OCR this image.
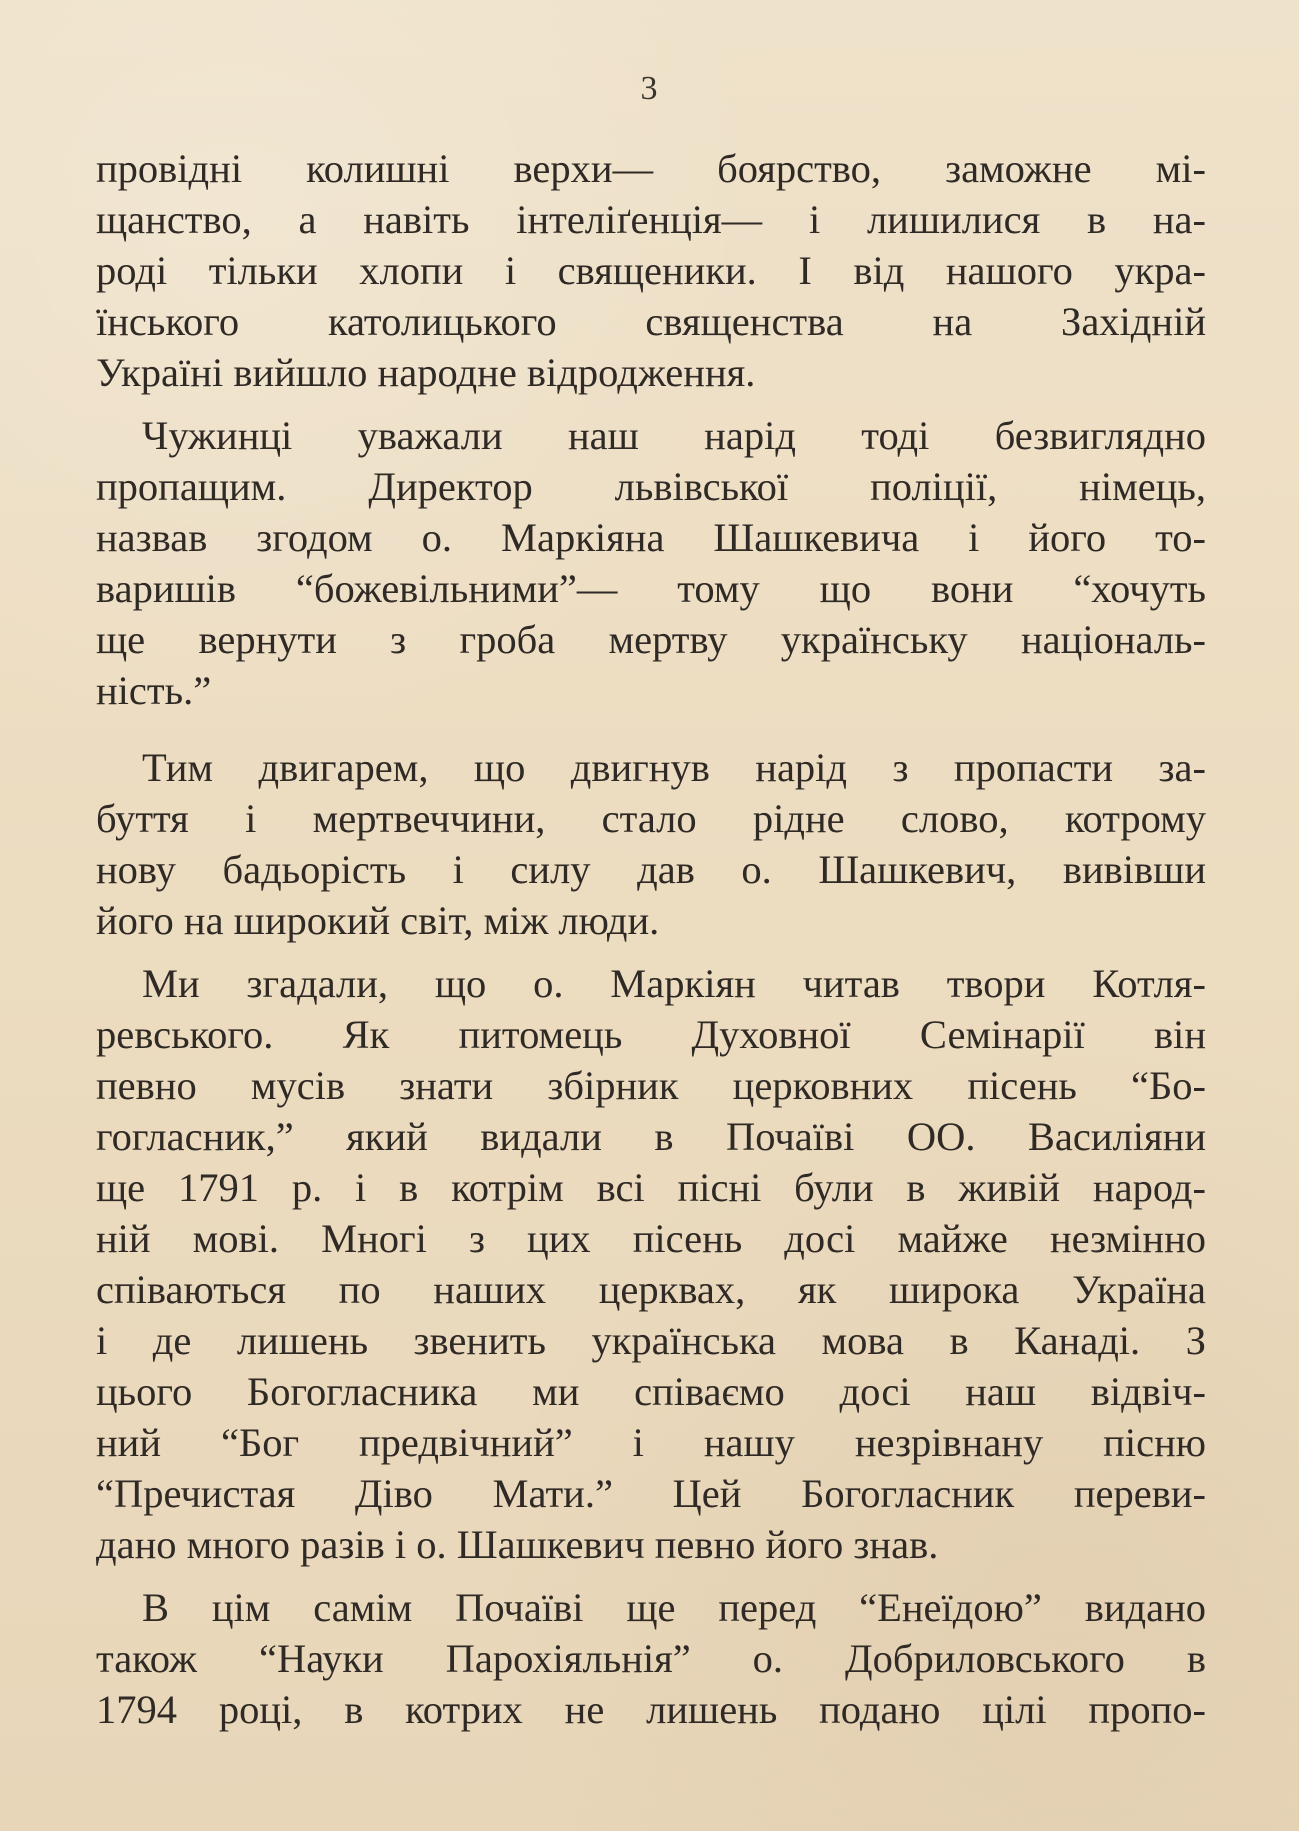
3
провідні колишні верхи— боярство, заможне мі-
щанство, а навіть інтеліґенція— і лишилися в на-
роді тільки хлопи і священики. І від нашого укра-
їнського католицького священства на Західній
Україні вийшло народне відродження.
Чужинці уважали наш нарід тоді безвиглядно
пропащим. Директор львівської поліції, німець,
назвав згодом о. Маркіяна Шашкевича і його то-
варишів “божевільними”— тому що вони “хочуть
ще вернути з гроба мертву українську національ-
ність.”
Тим двигарем, що двигнув нарід з пропасти за-
буття і мертвеччини, стало рідне слово, котрому
нову бадьорість і силу дав о. Шашкевич, вивівши
його на широкий світ, між люди.
Ми згадали, що о. Маркіян читав твори Котля-
ревського. Як питомець Духовної Семінарії він
певно мусів знати збірник церковних пісень “Бо-
гогласник,” який видали в Почаїві ОО. Василіяни
ще 1791 р. і в котрім всі пісні були в живій народ-
ній мові. Многі з цих пісень досі майже незмінно
співаються по наших церквах, як широка Україна
і де лишень звенить українська мова в Канаді. З
цього Богогласника ми співаємо досі наш відвіч-
ний “Бог предвічний” і нашу незрівнану пісню
“Пречистая Діво Мати.” Цей Богогласник переви-
дано много разів і о. Шашкевич певно його знав.
В цім самім Почаїві ще перед “Енеїдою” видано
також “Науки Парохіяльнія” о. Добриловського в
1794 році, в котрих не лишень подано цілі пропо-
